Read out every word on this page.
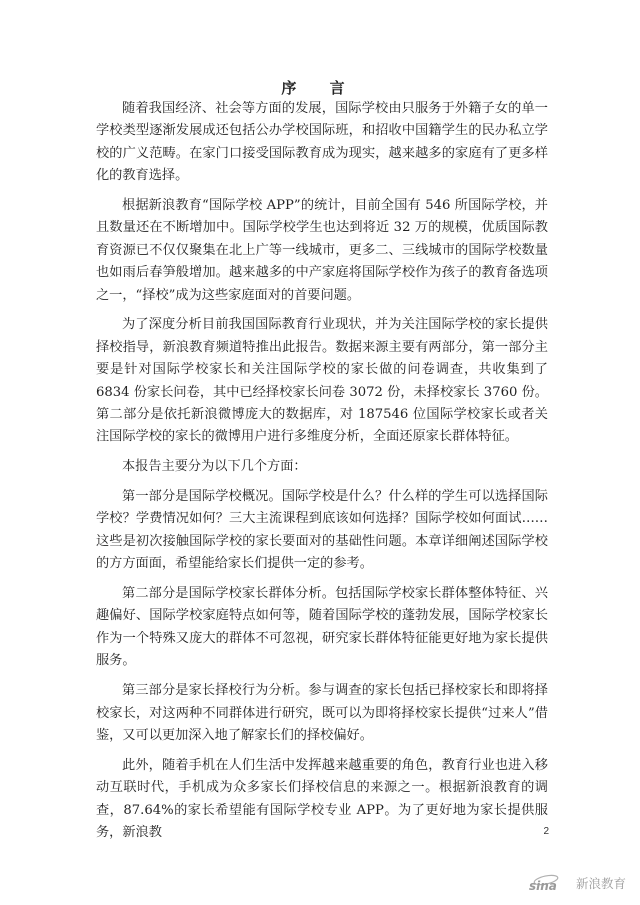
序 言

随着我国经济、社会等方面的发展，国际学校由只服务于外籍子女的单一学校类型逐渐发展成还包括公办学校国际班，和招收中国籍学生的民办私立学校的广义范畴。在家门口接受国际教育成为现实，越来越多的家庭有了更多样化的教育选择。

根据新浪教育“国际学校 APP”的统计，目前全国有 546 所国际学校，并且数量还在不断增加中。国际学校学生也达到将近 32 万的规模，优质国际教育资源已不仅仅聚集在北上广等一线城市，更多二、三线城市的国际学校数量也如雨后春笋般增加。越来越多的中产家庭将国际学校作为孩子的教育备选项之一，“择校”成为这些家庭面对的首要问题。

为了深度分析目前我国国际教育行业现状，并为关注国际学校的家长提供择校指导，新浪教育频道特推出此报告。数据来源主要有两部分，第一部分主要是针对国际学校家长和关注国际学校的家长做的问卷调查，共收集到了 6834 份家长问卷，其中已经择校家长问卷 3072 份，未择校家长 3760 份。第二部分是依托新浪微博庞大的数据库，对 187546 位国际学校家长或者关注国际学校的家长的微博用户进行多维度分析，全面还原家长群体特征。

本报告主要分为以下几个方面：

第一部分是国际学校概况。国际学校是什么？什么样的学生可以选择国际学校？学费情况如何？三大主流课程到底该如何选择？国际学校如何面试……这些是初次接触国际学校的家长要面对的基础性问题。本章详细阐述国际学校的方方面面，希望能给家长们提供一定的参考。

第二部分是国际学校家长群体分析。包括国际学校家长群体整体特征、兴趣偏好、国际学校家庭特点如何等，随着国际学校的蓬勃发展，国际学校家长作为一个特殊又庞大的群体不可忽视，研究家长群体特征能更好地为家长提供服务。

第三部分是家长择校行为分析。参与调查的家长包括已择校家长和即将择校家长，对这两种不同群体进行研究，既可以为即将择校家长提供“过来人”借鉴，又可以更加深入地了解家长们的择校偏好。

此外，随着手机在人们生活中发挥越来越重要的角色，教育行业也进入移动互联时代，手机成为众多家长们择校信息的来源之一。根据新浪教育的调查，87.64%的家长希望能有国际学校专业 APP。为了更好地为家长提供服务，新浪教	2
sina 新浪教育
